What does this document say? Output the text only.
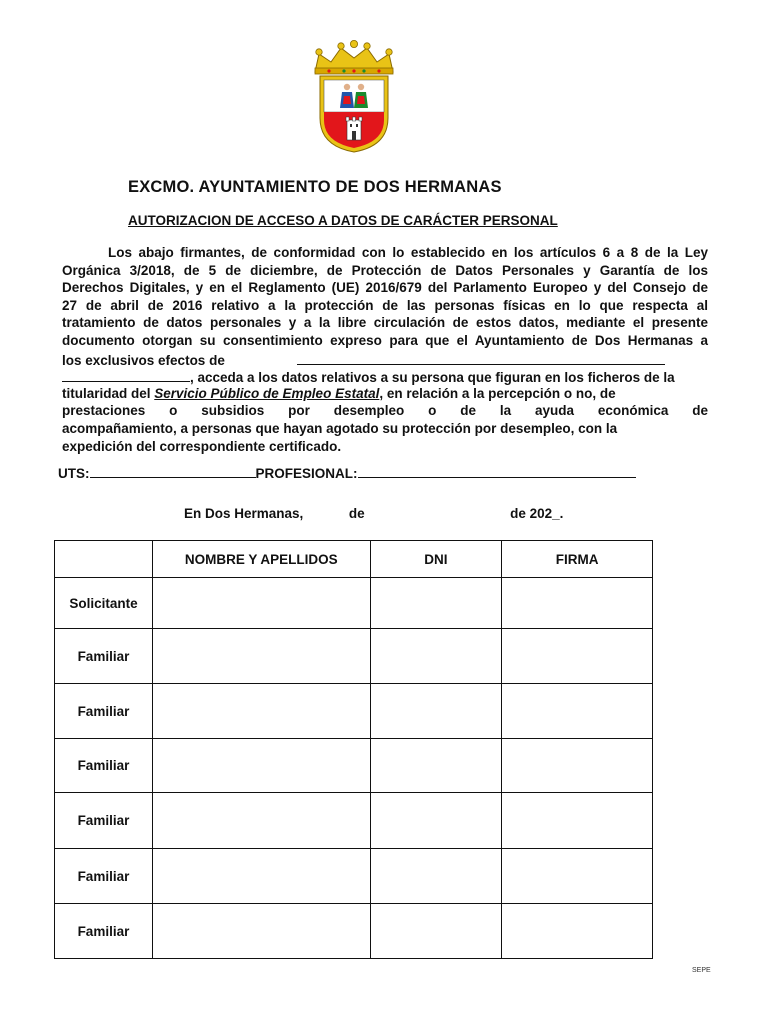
EXCMO. AYUNTAMIENTO DE DOS HERMANAS
AUTORIZACION DE ACCESO A DATOS DE CARÁCTER PERSONAL
Los abajo firmantes, de conformidad con lo establecido en los artículos 6 a 8 de la Ley
Orgánica 3/2018, de 5 de diciembre, de Protección de Datos Personales y Garantía de los
Derechos Digitales, y en el Reglamento (UE) 2016/679 del Parlamento Europeo y del Consejo de
27 de abril de 2016 relativo a la protección de las personas físicas en lo que respecta al
tratamiento de datos personales y a la libre circulación de estos datos, mediante el presente
documento otorgan su consentimiento expreso para que el Ayuntamiento de Dos Hermanas a
los exclusivos efectos de
, acceda a los datos relativos a su persona que figuran en los ficheros de la
titularidad del Servicio Público de Empleo Estatal, en relación a la percepción o no, de
prestaciones o subsidios por desempleo o de la ayuda económica de
acompañamiento, a personas que hayan agotado su protección por desempleo, con la
expedición del correspondiente certificado.
UTS:	PROFESIONAL:
En Dos Hermanas,	de	de 202_.
	NOMBRE Y APELLIDOS	DNI	FIRMA
Solicitante			
Familiar			
Familiar			
Familiar			
Familiar			
Familiar			
Familiar			
SEPE
